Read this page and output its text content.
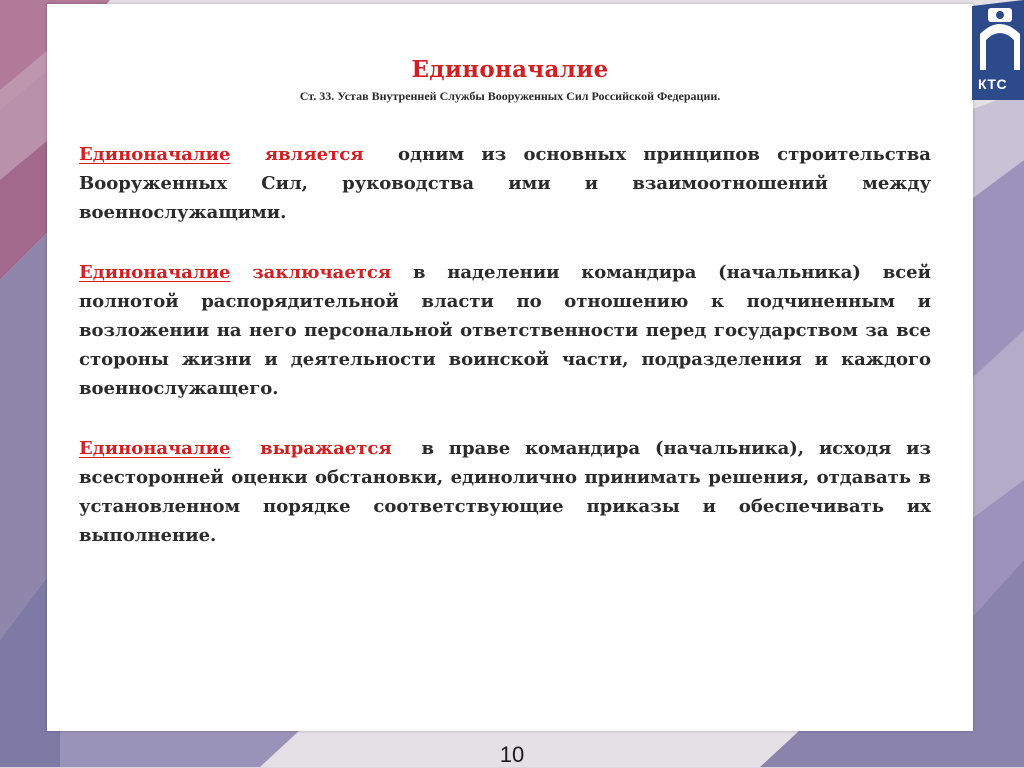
Единоначалие
Ст. 33. Устав Внутренней Службы Вооруженных Сил Российской Федерации.
Единоначалие является одним из основных принципов строительства Вооруженных Сил, руководства ими и взаимоотношений между военнослужащими.
Единоначалие заключается в наделении командира (начальника) всей полнотой распорядительной власти по отношению к подчиненным и возложении на него персональной ответственности перед государством за все стороны жизни и деятельности воинской части, подразделения и каждого военнослужащего.
Единоначалие выражается в праве командира (начальника), исходя из всесторонней оценки обстановки, единолично принимать решения, отдавать в установленном порядке соответствующие приказы и обеспечивать их выполнение.
КТС
10
